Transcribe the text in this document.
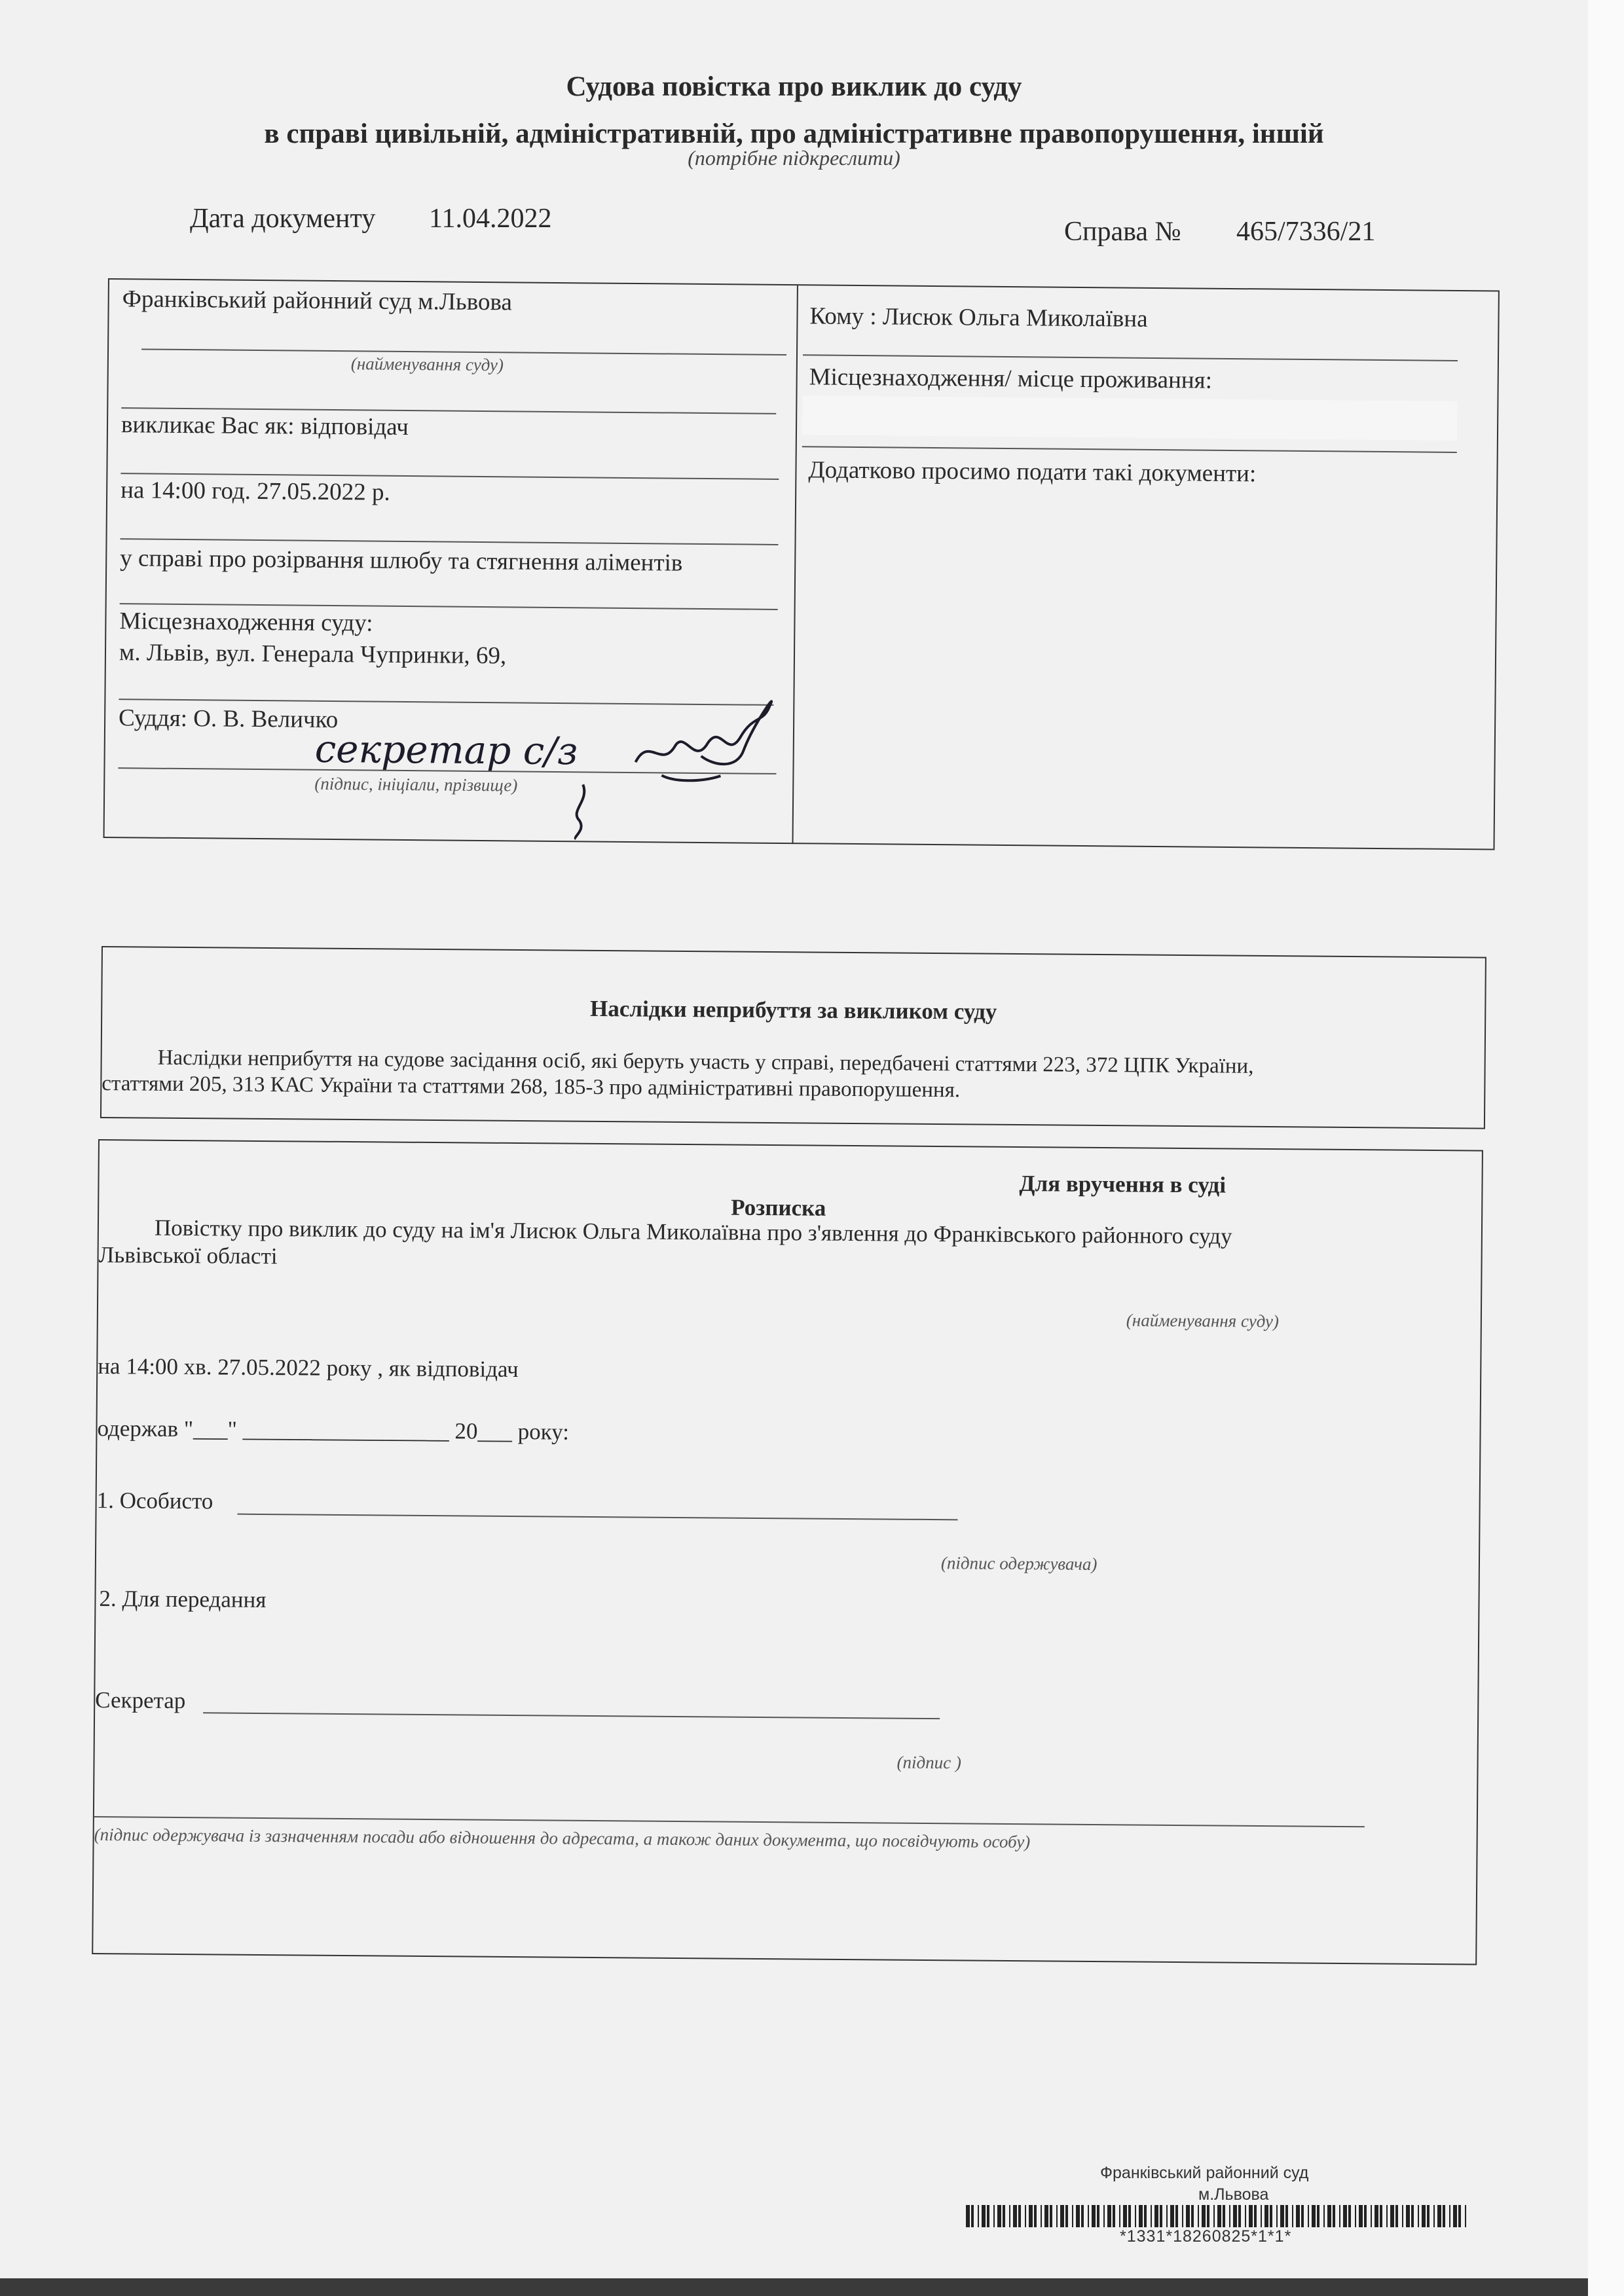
Судова повістка про виклик до суду
в справі цивільній, адміністративній, про адміністративне правопорушення, іншій
(потрібне підкреслити)
Дата документу 11.04.2022	Справа № 465/7336/21
Франківський районний суд м.Львова
(найменування суду)
викликає Вас як: відповідач
на 14:00 год. 27.05.2022 р.
у справі про розірвання шлюбу та стягнення аліментів
Місцезнаходження суду:
м. Львів, вул. Генерала Чупринки, 69,
Суддя: О. В. Величко
секретар с/з
(підпис, ініціали, прізвище)
Кому : Лисюк Ольга Миколаївна
Місцезнаходження/ місце проживання:
Додатково просимо подати такі документи:
Наслідки неприбуття за викликом суду
Наслідки неприбуття на судове засідання осіб, які беруть участь у справі, передбачені статтями 223, 372 ЦПК України,
статтями 205, 313 КАС України та статтями 268, 185-3 про адміністративні правопорушення.
Для вручення в суді
Розписка
Повістку про виклик до суду на ім'я Лисюк Ольга Миколаївна про з'явлення до Франківського районного суду
Львівської області
(найменування суду)
на 14:00 хв. 27.05.2022 року , як відповідач
одержав "___" __________________ 20___ року:
1. Особисто
(підпис одержувача)
2. Для передання
Секретар
(підпис )
(підпис одержувача із зазначенням посади або відношення до адресата, а також даних документа, що посвідчують особу)
Франківський районний суд
м.Львова
*1331*18260825*1*1*
